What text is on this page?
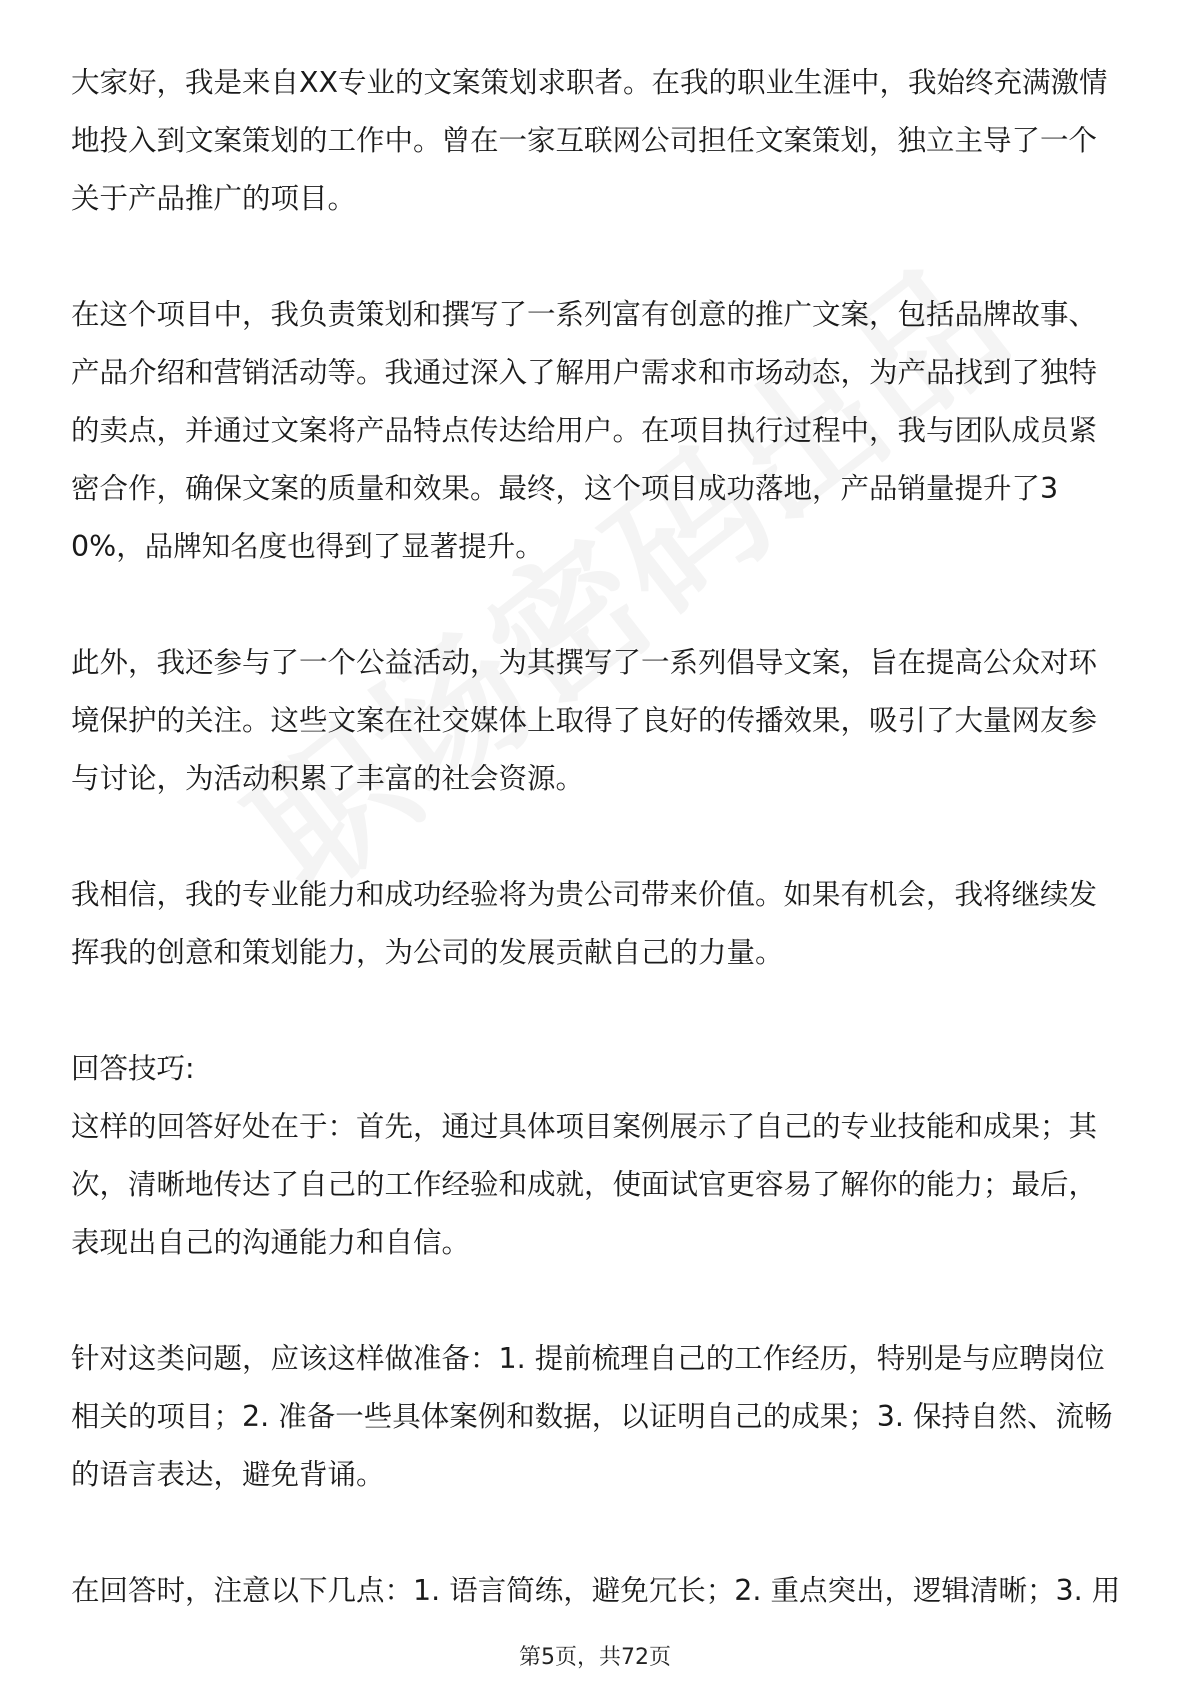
大家好，我是来自XX专业的文案策划求职者。在我的职业生涯中，我始终充满激情地投入到文案策划的工作中。曾在一家互联网公司担任文案策划，独立主导了一个关于产品推广的项目。

在这个项目中，我负责策划和撰写了一系列富有创意的推广文案，包括品牌故事、产品介绍和营销活动等。我通过深入了解用户需求和市场动态，为产品找到了独特的卖点，并通过文案将产品特点传达给用户。在项目执行过程中，我与团队成员紧密合作，确保文案的质量和效果。最终，这个项目成功落地，产品销量提升了30%，品牌知名度也得到了显著提升。

此外，我还参与了一个公益活动，为其撰写了一系列倡导文案，旨在提高公众对环境保护的关注。这些文案在社交媒体上取得了良好的传播效果，吸引了大量网友参与讨论，为活动积累了丰富的社会资源。

我相信，我的专业能力和成功经验将为贵公司带来价值。如果有机会，我将继续发挥我的创意和策划能力，为公司的发展贡献自己的力量。

回答技巧:

这样的回答好处在于：首先，通过具体项目案例展示了自己的专业技能和成果；其次，清晰地传达了自己的工作经验和成就，使面试官更容易了解你的能力；最后，表现出自己的沟通能力和自信。

针对这类问题，应该这样做准备：1. 提前梳理自己的工作经历，特别是与应聘岗位相关的项目；2. 准备一些具体案例和数据，以证明自己的成果；3. 保持自然、流畅的语言表达，避免背诵。

在回答时，注意以下几点：1. 语言简练，避免冗长；2. 重点突出，逻辑清晰；3. 用

第5页，共72页
